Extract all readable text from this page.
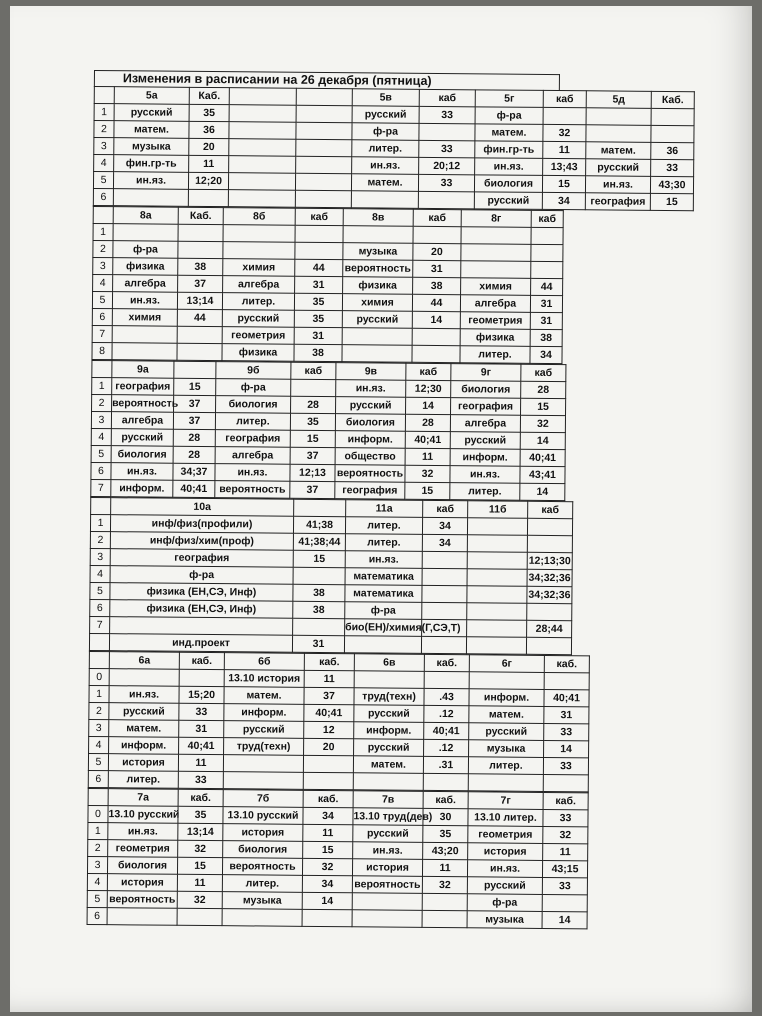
Изменения в расписании на 26 декабря (пятница)
	5а	Каб.			5в	каб	5г	каб	5д	Каб.
1	русский	35			русский	33	ф-ра			
2	матем.	36			ф-ра		матем.	32		
3	музыка	20			литер.	33	фин.гр-ть	11	матем.	36
4	фин.гр-ть	11			ин.яз.	20;12	ин.яз.	13;43	русский	33
5	ин.яз.	12;20			матем.	33	биология	15	ин.яз.	43;30
6							русский	34	география	15
	8а	Каб.	8б	каб	8в	каб	8г	каб
1								
2	ф-ра				музыка	20		
3	физика	38	химия	44	вероятность	31		
4	алгебра	37	алгебра	31	физика	38	химия	44
5	ин.яз.	13;14	литер.	35	химия	44	алгебра	31
6	химия	44	русский	35	русский	14	геометрия	31
7			геометрия	31			физика	38
8			физика	38			литер.	34
	9а		9б	каб	9в	каб	9г	каб
1	география	15	ф-ра		ин.яз.	12;30	биология	28
2	вероятность	37	биология	28	русский	14	география	15
3	алгебра	37	литер.	35	биология	28	алгебра	32
4	русский	28	география	15	информ.	40;41	русский	14
5	биология	28	алгебра	37	общество	11	информ.	40;41
6	ин.яз.	34;37	ин.яз.	12;13	вероятность	32	ин.яз.	43;41
7	информ.	40;41	вероятность	37	география	15	литер.	14
	10а		11а	каб	11б	каб
1	инф/физ(профили)	41;38	литер.	34		
2	инф/физ/хим(проф)	41;38;44	литер.	34		
3	география	15	ин.яз.			12;13;30
4	ф-ра		математика			34;32;36
5	физика (ЕН,СЭ, Инф)	38	математика			34;32;36
6	физика (ЕН,СЭ, Инф)	38	ф-ра			
7			био(ЕН)/химия(Г,СЭ,Т)			28;44
	инд.проект	31				
	6а	каб.	6б	каб.	6в	каб.	6г	каб.
0			13.10 история	11				
1	ин.яз.	15;20	матем.	37	труд(техн)	.43	информ.	40;41
2	русский	33	информ.	40;41	русский	.12	матем.	31
3	матем.	31	русский	12	информ.	40;41	русский	33
4	информ.	40;41	труд(техн)	20	русский	.12	музыка	14
5	история	11			матем.	.31	литер.	33
6	литер.	33						
	7а	каб.	7б	каб.	7в	каб.	7г	каб.
0	13.10 русский	35	13.10 русский	34	13.10 труд(дев)	30	13.10 литер.	33
1	ин.яз.	13;14	история	11	русский	35	геометрия	32
2	геометрия	32	биология	15	ин.яз.	43;20	история	11
3	биология	15	вероятность	32	история	11	ин.яз.	43;15
4	история	11	литер.	34	вероятность	32	русский	33
5	вероятность	32	музыка	14			ф-ра	
6							музыка	14
